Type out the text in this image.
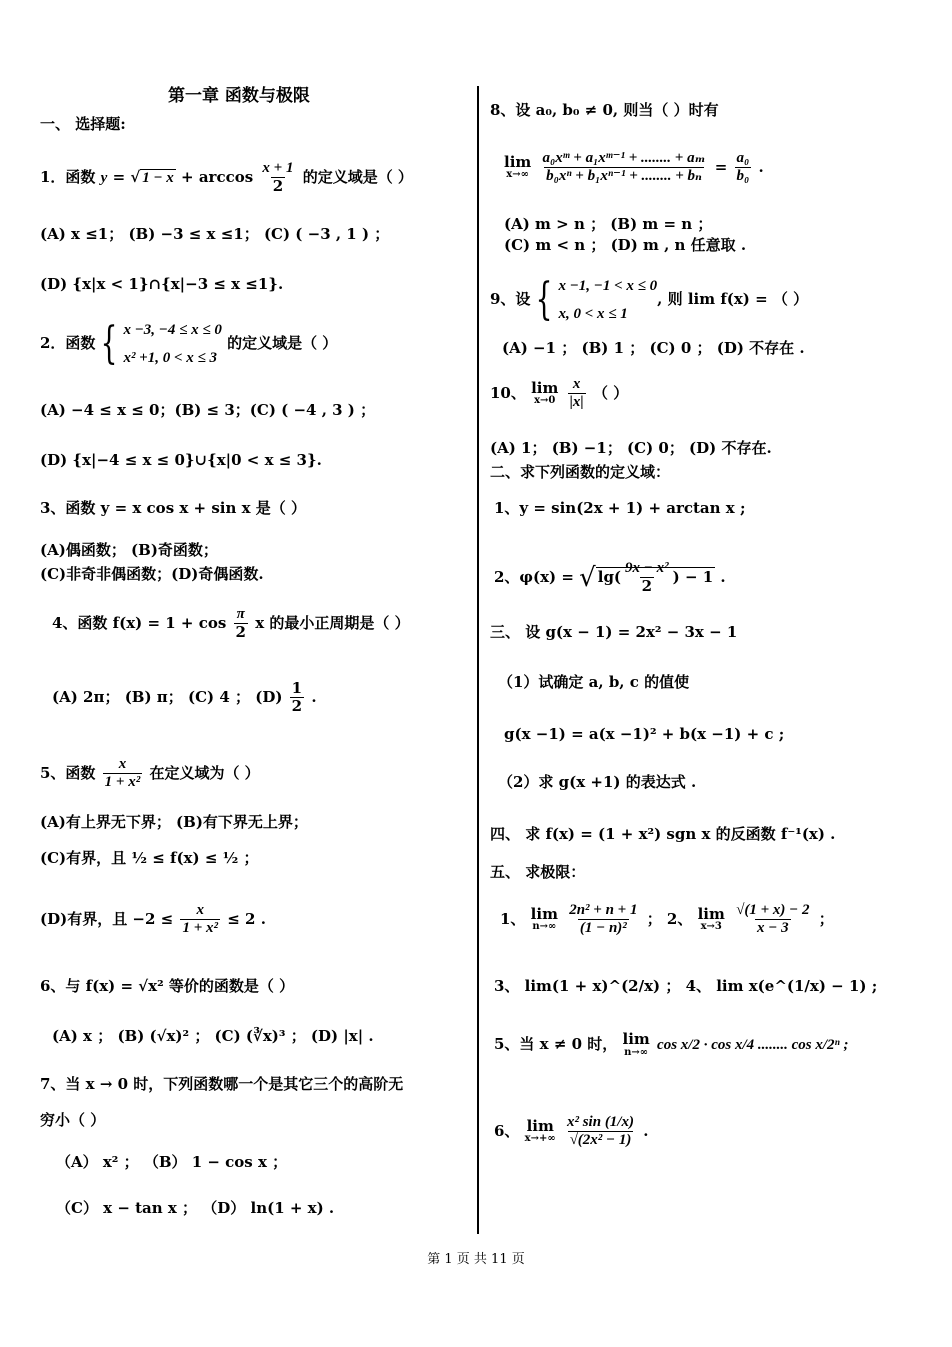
第一章 函数与极限
一、 选择题:
1．函数 y = √ $1 - x + \arccos \frac{x + 1}{2}$ 的定义域是（ ）
(A) x ≤1； (B) −3 ≤ x ≤1； (C) ( −3 , 1 ) ；
(D) {x|x < 1}∩{x|−3 ≤ x ≤1}.
2．函数 { x −3, −4 ≤ x ≤ 0
x² +1, 0 < x ≤ 3
的定义域是（ ）
(A) −4 ≤ x ≤ 0；(B) ≤ 3；(C) ( −4 , 3 ) ；
(D) {x|−4 ≤ x ≤ 0}∪{x|0 < x ≤ 3}.
3、函数 y = x cos x + sin x 是（ ）
(A)偶函数； (B)奇函数；
(C)非奇非偶函数；(D)奇偶函数.
4、函数 $f(x) = 1 + \cos \frac{\pi}{2}$ x 的最小正周期是（ ）
(A) 2π； (B) π； (C) 4 ； $(D) \frac{1}{2}$ .
5、函数 $\frac{x}{\text{1 + x²}}$ 在定义域为（ ）
(A)有上界无下界； (B)有下界无上界；
(C)有界，且 ½ ≤ f(x) ≤ ½ ；
(D)有界，且 $-2 \le \frac{x}{\text{1 + x²}} \le 2$ .
6、与 f(x) = √x² 等价的函数是（ ）
(A) x ； (B) (√x)² ； (C) (∛x)³ ； (D) |x| .
7、当 x → 0 时，下列函数哪一个是其它三个的高阶无
穷小（ ）
（A） x² ； （B） 1 − cos x ；
（C） x − tan x ； （D） ln(1 + x) .
8、设 a₀, b₀ ≠ 0, 则当（ ）时有
lim
x→∞
$\frac{\text{a₀xᵐ + a₁xᵐ⁻¹ + ........ + aₘ}}{\text{b₀xⁿ + b₁xⁿ⁻¹ + ........ + bₙ}} = \frac{\text{a₀}}{\text{b₀}}$ .
(A) m > n ； (B) m = n ；
(C) m < n ； (D) m , n 任意取 .
9、设 { x −1, −1 < x ≤ 0
x, 0 < x ≤ 1
, 则 lim f(x) = （ ）
(A) −1 ； (B) 1 ； (C) 0 ； (D) 不存在 .
10、 lim
x→0
$\frac{x}{|x|}$ （ ）
(A) 1； (B) −1； (C) 0； (D) 不存在.
二、求下列函数的定义域：
1、y = sin(2x + 1) + arctan x ;
2、φ(x) = √ $\lg( \frac{\text{9x − x²}}{2}$ ) − 1 .
三、 设 g(x − 1) = 2x² − 3x − 1
（1）试确定 a, b, c 的值使
g(x −1) = a(x −1)² + b(x −1) + c ;
（2）求 g(x +1) 的表达式 .
四、 求 f(x) = (1 + x²) sgn x 的反函数 f⁻¹(x) .
五、 求极限：
1、 lim
n→∞
$\frac{\text{2n² + n + 1}}{\text{(1 − n)²}}$ ； 2、 lim
x→3
$\frac{√(1 + x) - 2}{x - 3}$ ；
3、 lim(1 + x)^(2/x) ； 4、 lim x(e^(1/x) − 1) ;
5、当 x ≠ 0 时， lim
n→∞ cos x/2 · cos x/4 ........ cos x/2ⁿ ;
6、 lim
x→+∞
$\frac{\text{x² sin (1/x)}}{\text{√(2x² − 1)}}$ .
第 1 页 共 11 页
